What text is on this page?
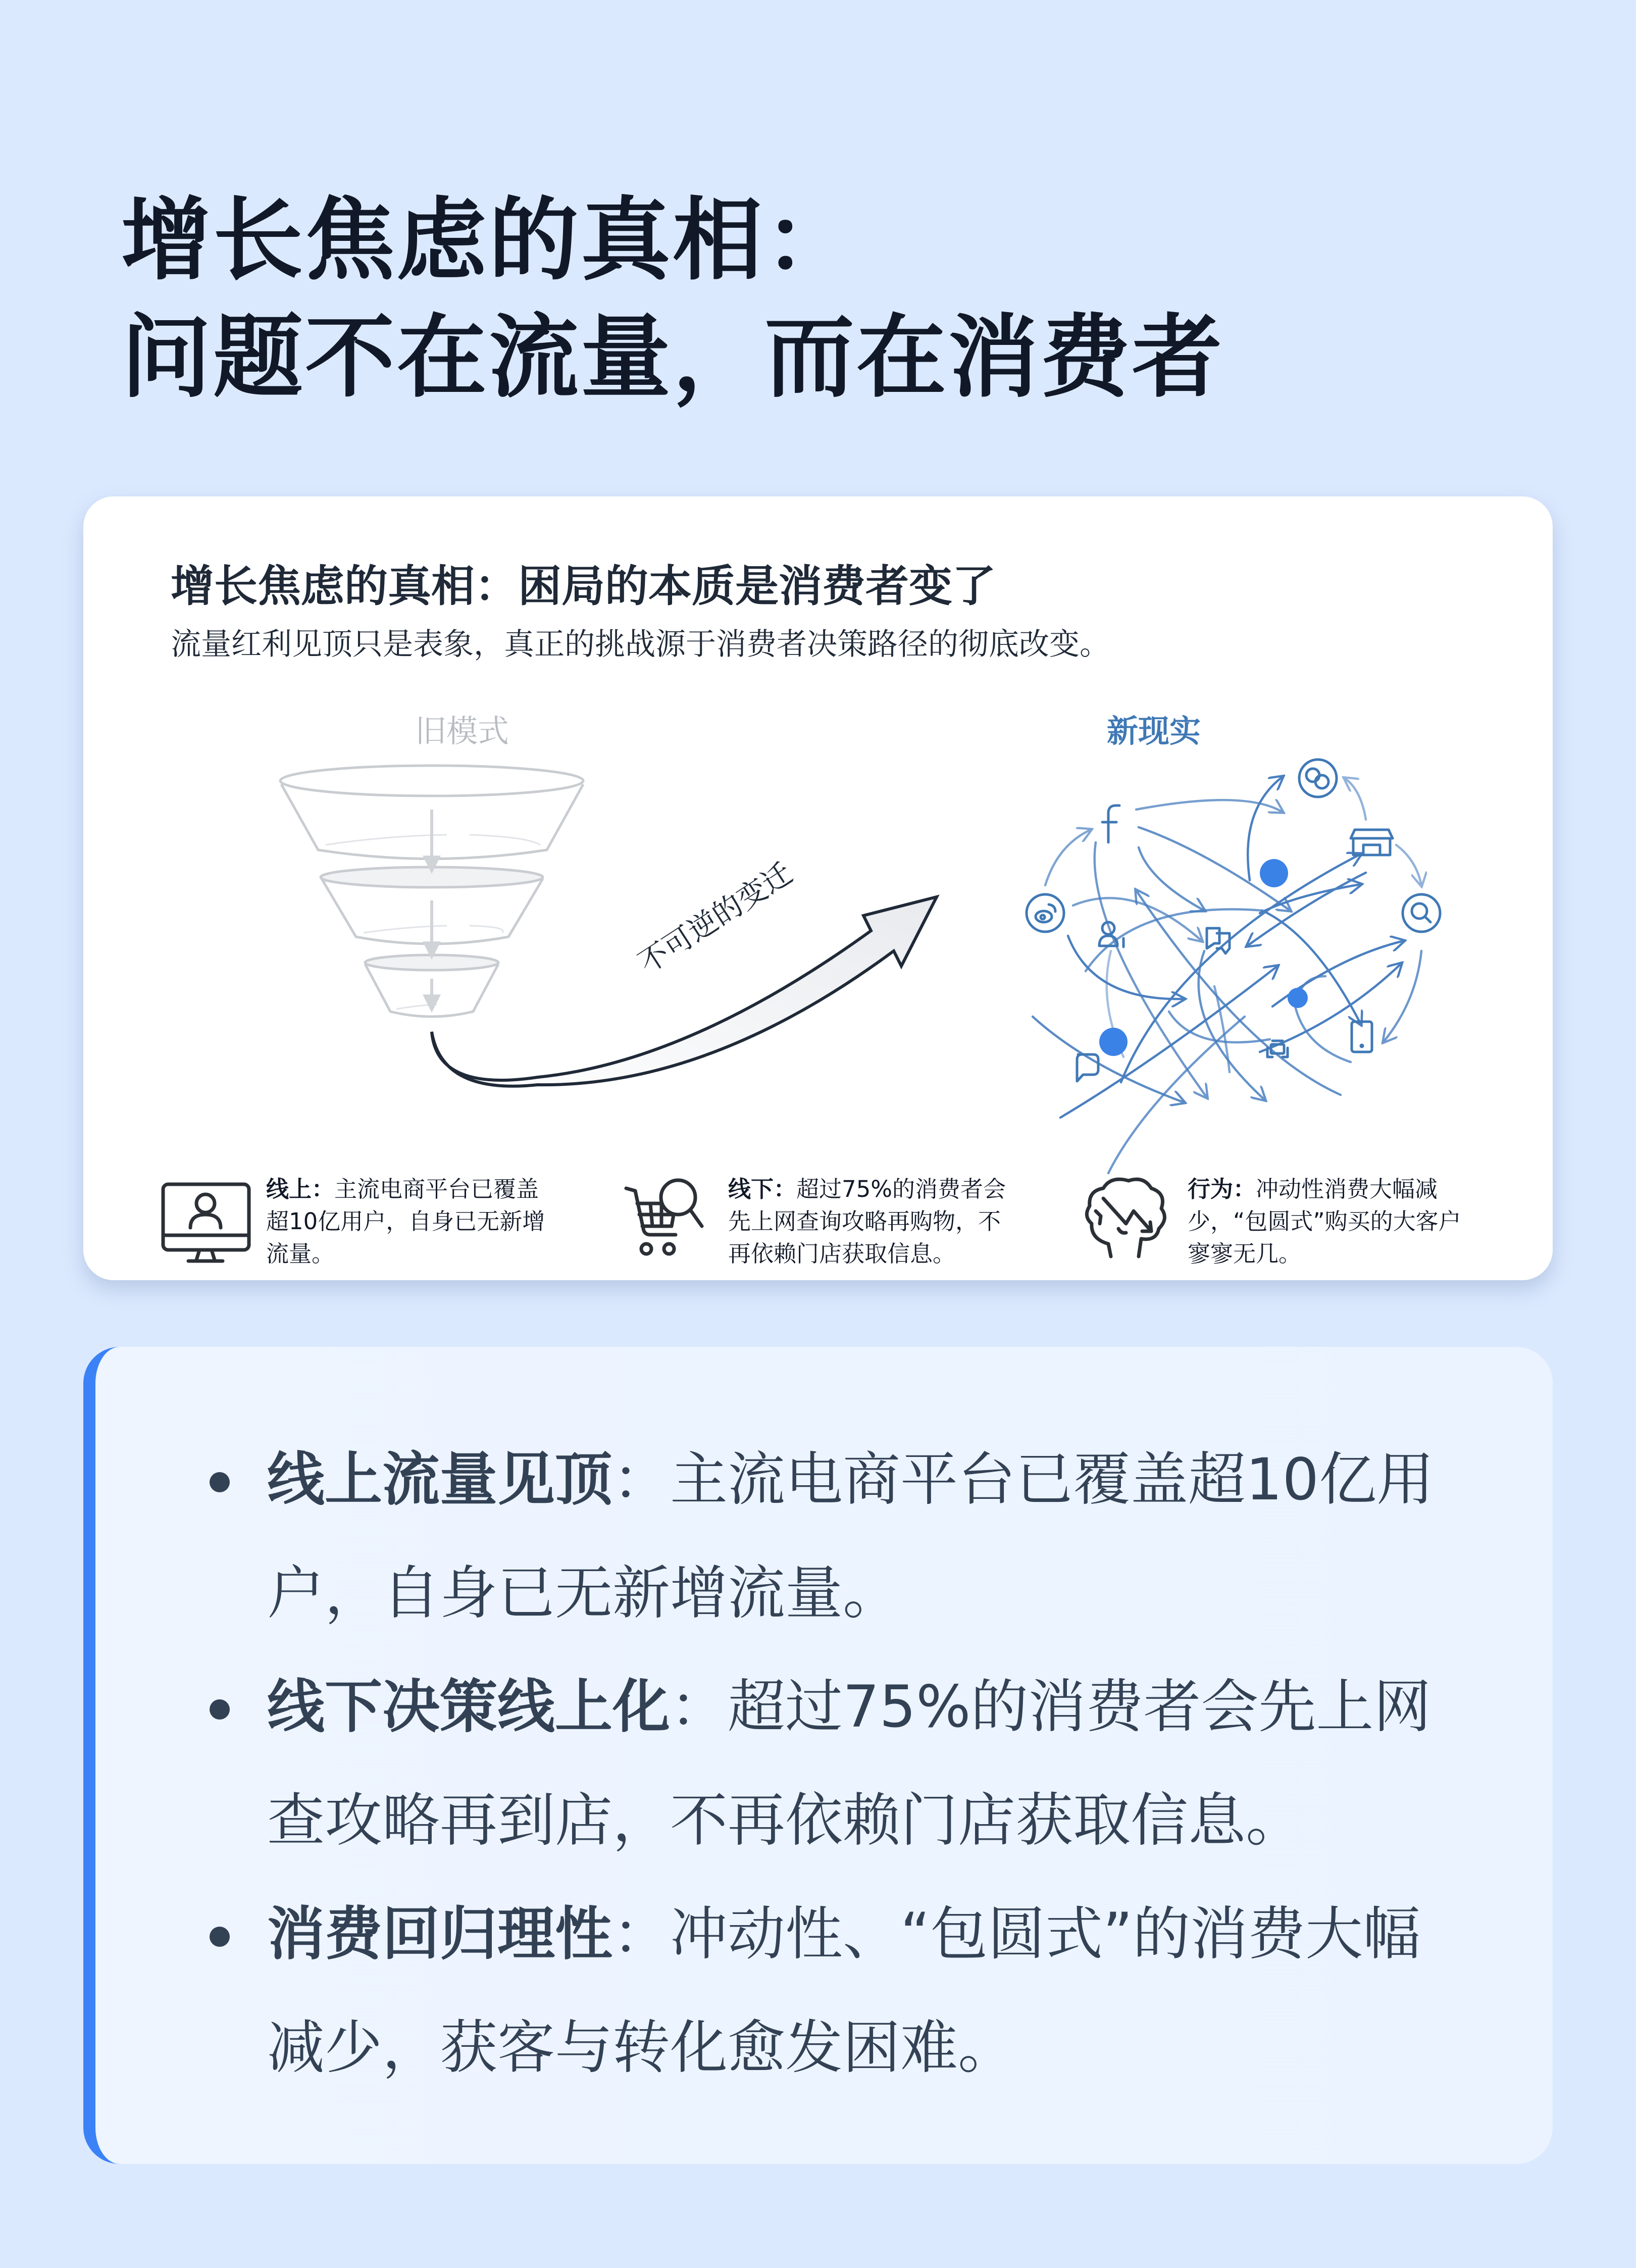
增长焦虑的真相：
问题不在流量，而在消费者
增长焦虑的真相：困局的本质是消费者变了
流量红利见顶只是表象，真正的挑战源于消费者决策路径的彻底改变。
旧模式	新现实
不可逆的变迁
线上：主流电商平台已覆盖超10亿用户，自身已无新增流量。
线下：超过75%的消费者会先上网查询攻略再购物，不再依赖门店获取信息。
行为：冲动性消费大幅减少，“包圆式”购买的大客户寥寥无几。
线上流量见顶：主流电商平台已覆盖超10亿用户，自身已无新增流量。
线下决策线上化：超过75%的消费者会先上网查攻略再到店，不再依赖门店获取信息。
消费回归理性：冲动性、“包圆式”的消费大幅减少，获客与转化愈发困难。
